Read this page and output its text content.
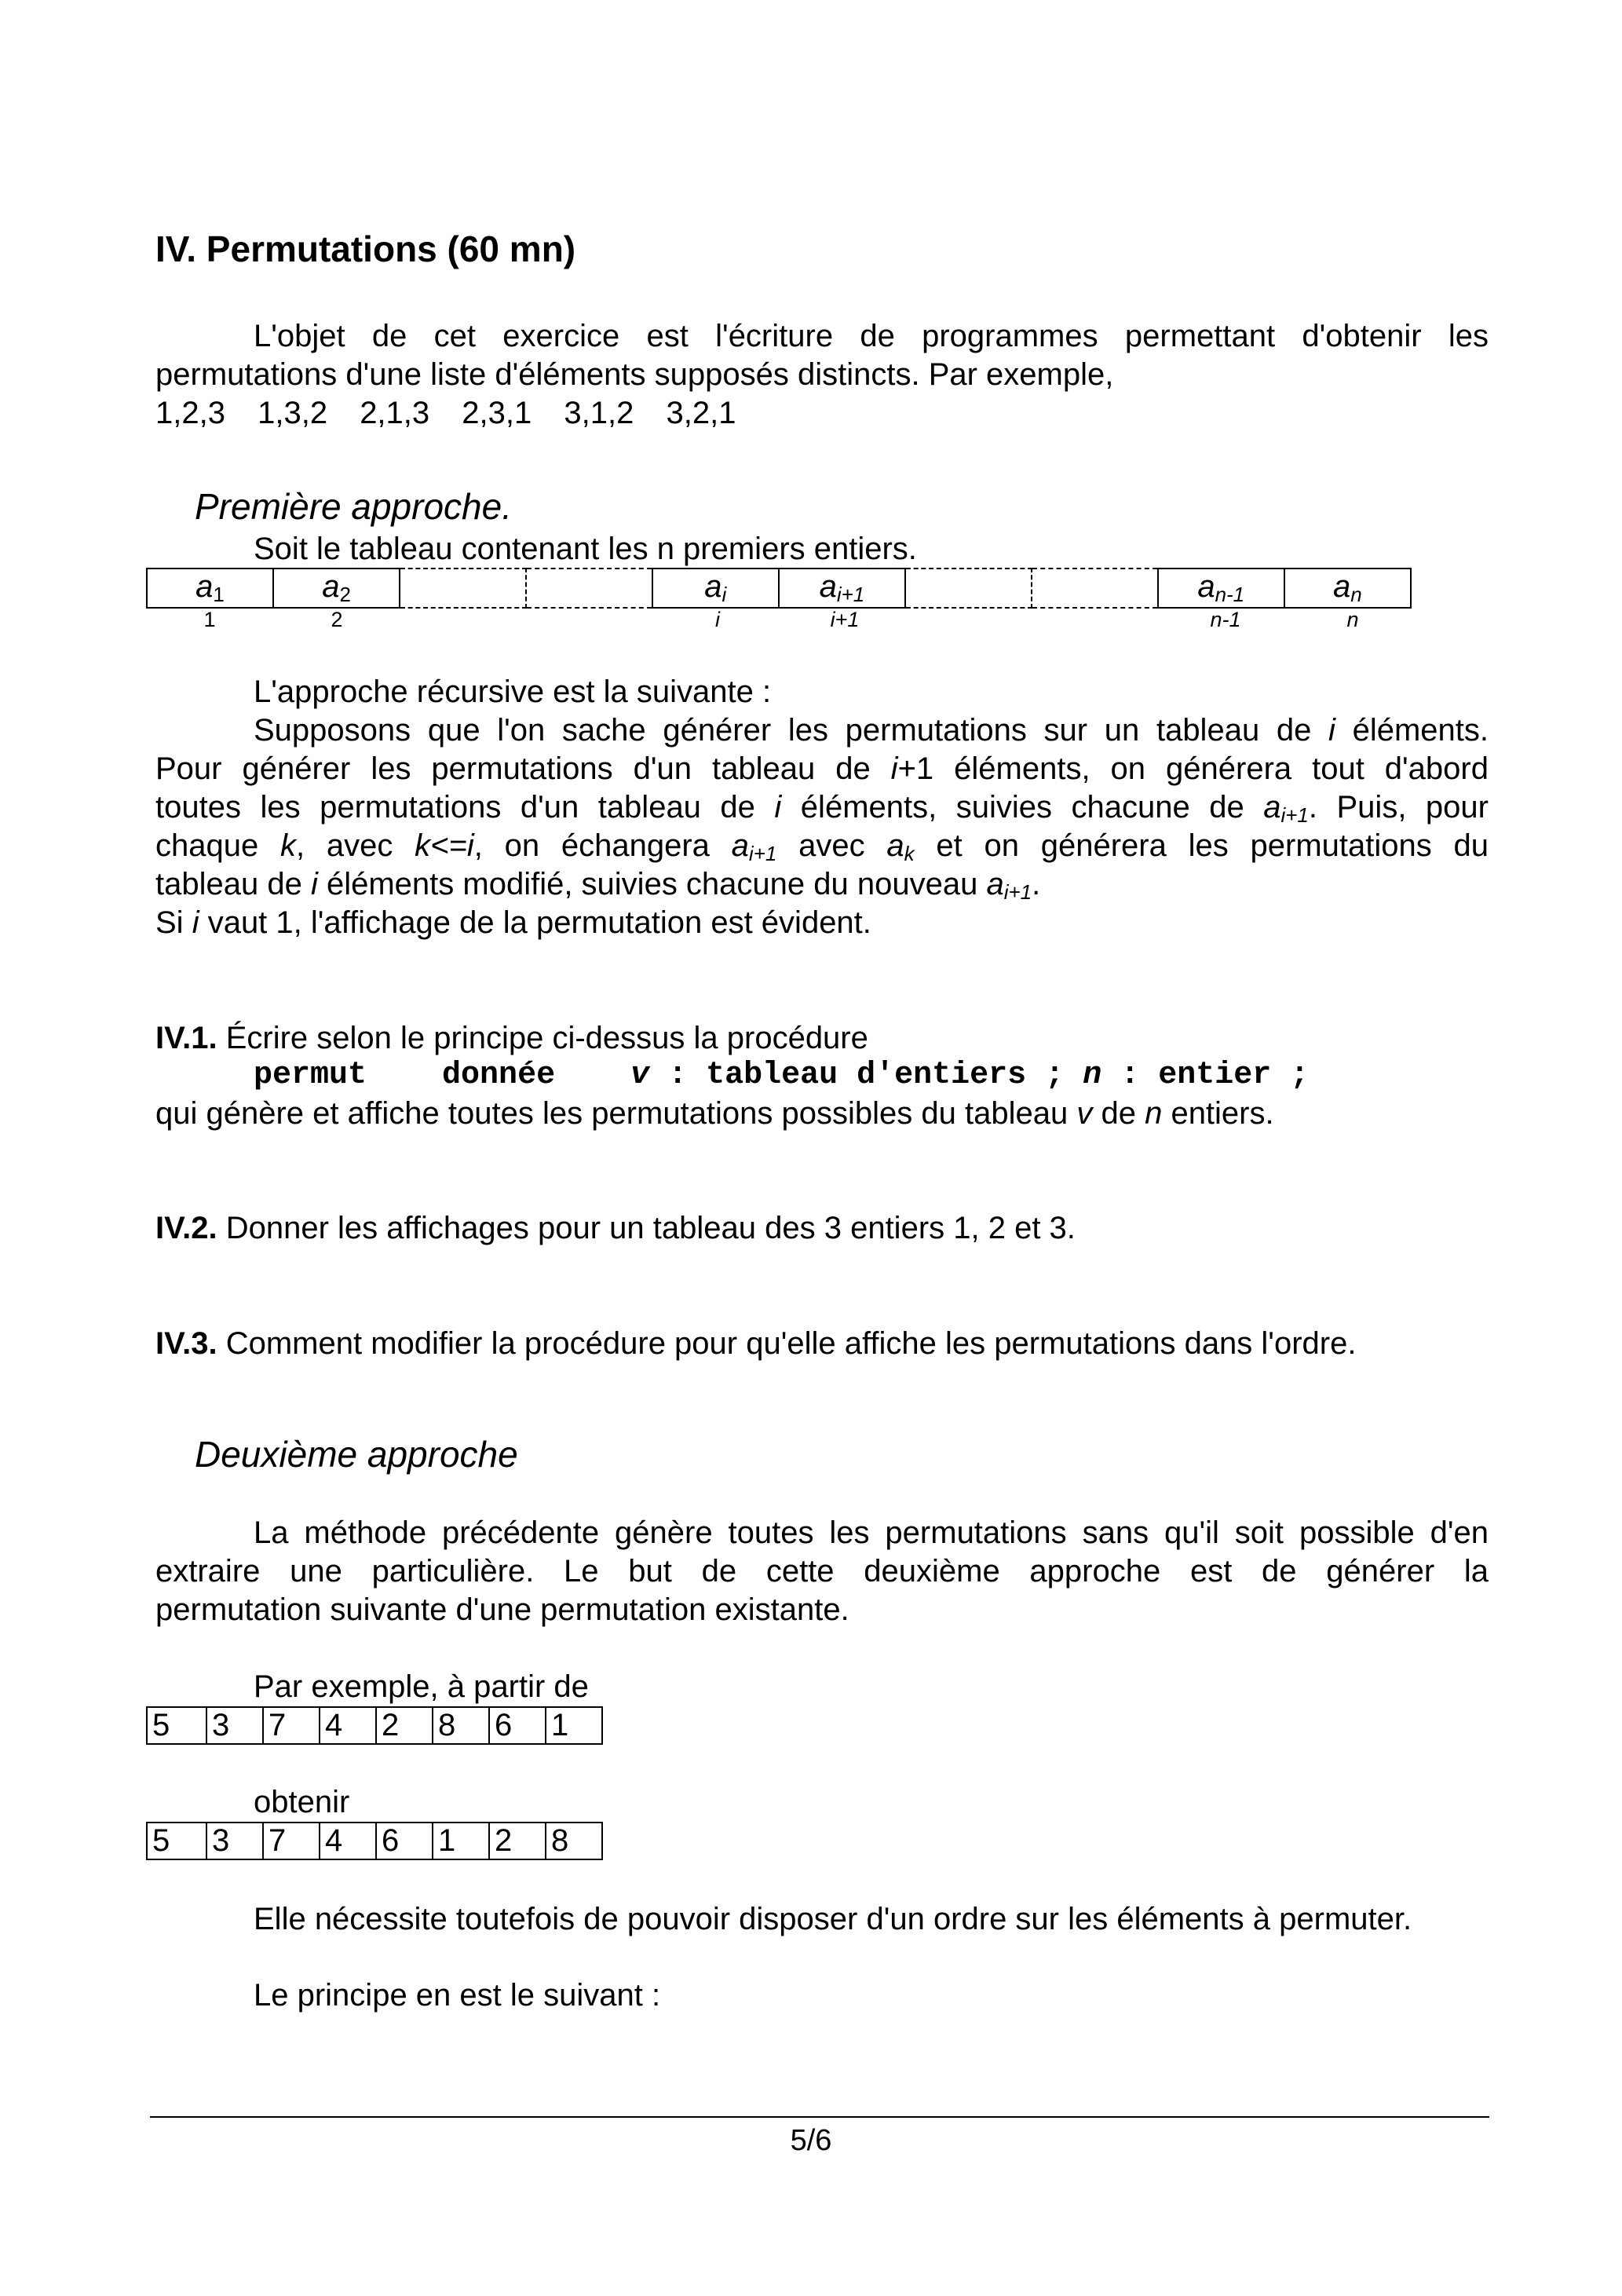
IV. Permutations (60 mn)
L'objet de cet exercice est l'écriture de programmes permettant d'obtenir les
permutations d'une liste d'éléments supposés distincts. Par exemple,
1,2,3 1,3,2 2,1,3 2,3,1 3,1,2 3,2,1
Première approche.
Soit le tableau contenant les n premiers entiers.
a1	a2			ai	ai+1			an-1	an
1	2	i	i+1	n-1	n
L'approche récursive est la suivante :
Supposons que l'on sache générer les permutations sur un tableau de i éléments.
Pour générer les permutations d'un tableau de i+1 éléments, on générera tout d'abord
toutes les permutations d'un tableau de i éléments, suivies chacune de $a_{i+1}$. Puis, pour
chaque k, avec k<=i, on échangera $a_{i+1}$ avec $a_k$ et on générera les permutations du
tableau de i éléments modifié, suivies chacune du nouveau $a_{i+1}$.
Si i vaut 1, l'affichage de la permutation est évident.
IV.1. Écrire selon le principe ci-dessus la procédure
permut donnée v : tableau d'entiers ; n : entier ;
qui génère et affiche toutes les permutations possibles du tableau v de n entiers.
IV.2. Donner les affichages pour un tableau des 3 entiers 1, 2 et 3.
IV.3. Comment modifier la procédure pour qu'elle affiche les permutations dans l'ordre.
Deuxième approche
La méthode précédente génère toutes les permutations sans qu'il soit possible d'en
extraire une particulière. Le but de cette deuxième approche est de générer la
permutation suivante d'une permutation existante.
Par exemple, à partir de
5	3	7	4	2	8	6	1
obtenir
5	3	7	4	6	1	2	8
Elle nécessite toutefois de pouvoir disposer d'un ordre sur les éléments à permuter.
Le principe en est le suivant :
5/6
